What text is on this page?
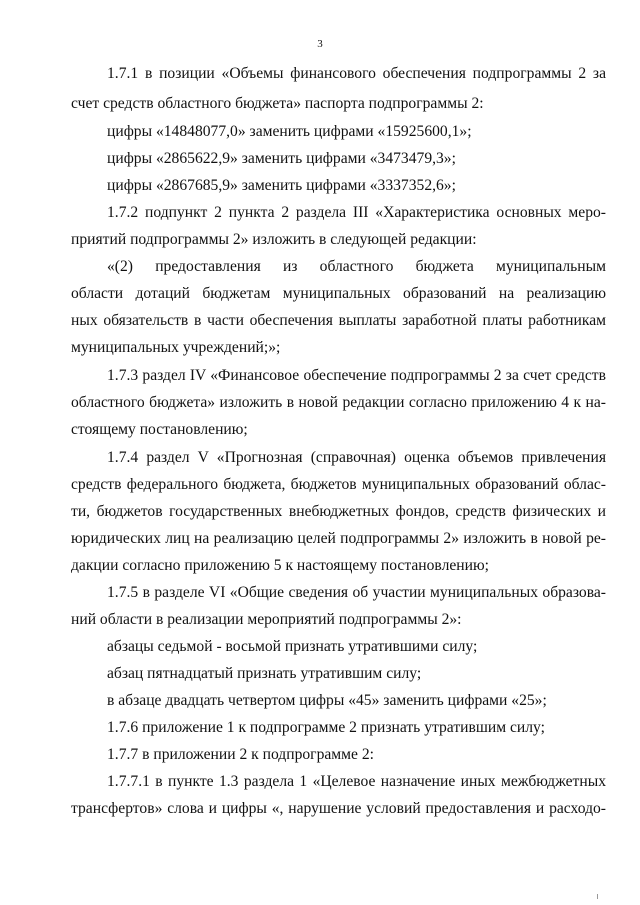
3
1.7.1 в позиции «Объемы финансового обеспечения подпрограммы 2 за
счет средств областного бюджета» паспорта подпрограммы 2:
цифры «14848077,0» заменить цифрами «15925600,1»;
цифры «2865622,9» заменить цифрами «3473479,3»;
цифры «2867685,9» заменить цифрами «3337352,6»;
1.7.2 подпункт 2 пункта 2 раздела III «Характеристика основных меро-
приятий подпрограммы 2» изложить в следующей редакции:
«(2) предоставления из областного бюджета муниципальным
области дотаций бюджетам муниципальных образований на реализацию
ных обязательств в части обеспечения выплаты заработной платы работникам
муниципальных учреждений;»;
1.7.3 раздел IV «Финансовое обеспечение подпрограммы 2 за счет средств
областного бюджета» изложить в новой редакции согласно приложению 4 к на-
стоящему постановлению;
1.7.4 раздел V «Прогнозная (справочная) оценка объемов привлечения
средств федерального бюджета, бюджетов муниципальных образований облас-
ти, бюджетов государственных внебюджетных фондов, средств физических и
юридических лиц на реализацию целей подпрограммы 2» изложить в новой ре-
дакции согласно приложению 5 к настоящему постановлению;
1.7.5 в разделе VI «Общие сведения об участии муниципальных образова-
ний области в реализации мероприятий подпрограммы 2»:
абзацы седьмой - восьмой признать утратившими силу;
абзац пятнадцатый признать утратившим силу;
в абзаце двадцать четвертом цифры «45» заменить цифрами «25»;
1.7.6 приложение 1 к подпрограмме 2 признать утратившим силу;
1.7.7 в приложении 2 к подпрограмме 2:
1.7.7.1 в пункте 1.3 раздела 1 «Целевое назначение иных межбюджетных
трансфертов» слова и цифры «, нарушение условий предоставления и расходо-
